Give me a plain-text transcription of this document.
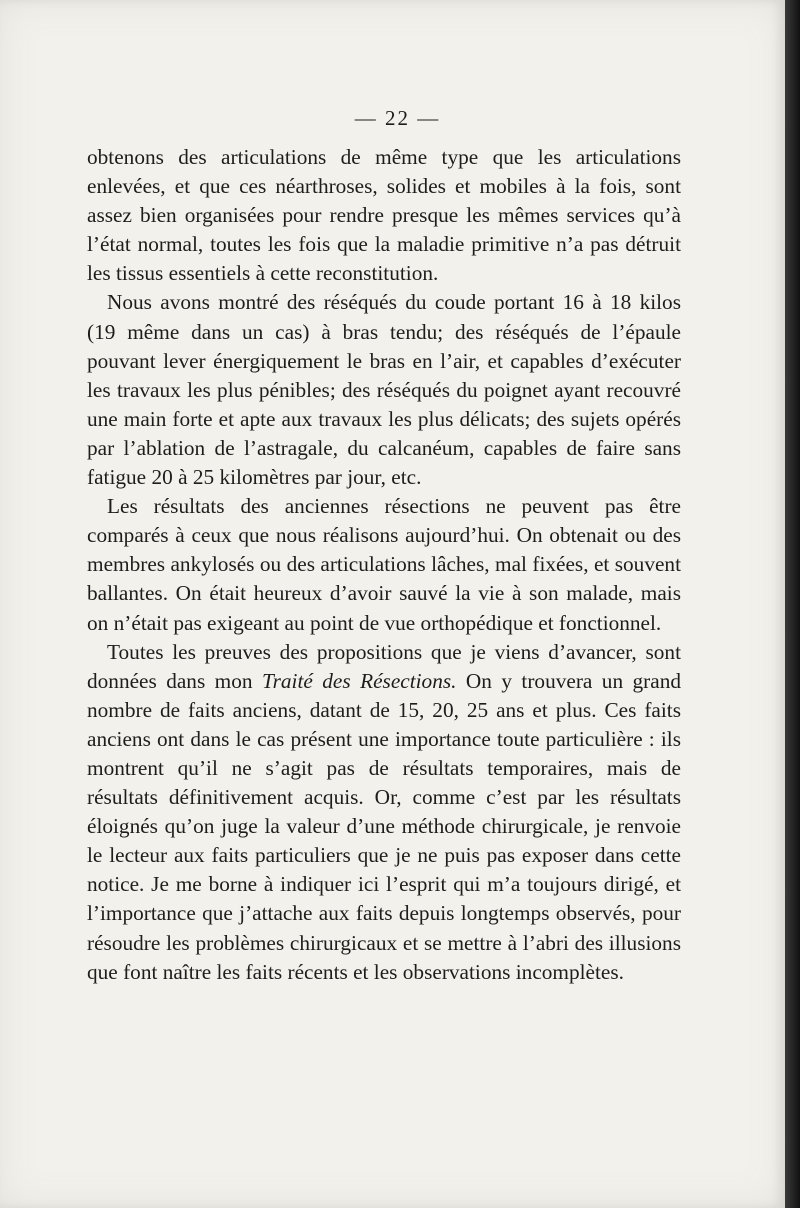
— 22 —

obtenons des articulations de même type que les articulations enlevées, et que ces néarthroses, solides et mobiles à la fois, sont assez bien organisées pour rendre presque les mêmes services qu’à l’état normal, toutes les fois que la maladie primitive n’a pas détruit les tissus essentiels à cette reconstitution.

Nous avons montré des réséqués du coude portant 16 à 18 kilos (19 même dans un cas) à bras tendu; des réséqués de l’épaule pouvant lever énergiquement le bras en l’air, et capables d’exécuter les travaux les plus pénibles; des réséqués du poignet ayant recouvré une main forte et apte aux travaux les plus délicats; des sujets opérés par l’ablation de l’astragale, du calcanéum, capables de faire sans fatigue 20 à 25 kilomètres par jour, etc.

Les résultats des anciennes résections ne peuvent pas être comparés à ceux que nous réalisons aujourd’hui. On obtenait ou des membres ankylosés ou des articulations lâches, mal fixées, et souvent ballantes. On était heureux d’avoir sauvé la vie à son malade, mais on n’était pas exigeant au point de vue orthopédique et fonctionnel.

Toutes les preuves des propositions que je viens d’avancer, sont données dans mon Traité des Résections. On y trouvera un grand nombre de faits anciens, datant de 15, 20, 25 ans et plus. Ces faits anciens ont dans le cas présent une importance toute particulière : ils montrent qu’il ne s’agit pas de résultats temporaires, mais de résultats définitivement acquis. Or, comme c’est par les résultats éloignés qu’on juge la valeur d’une méthode chirurgicale, je renvoie le lecteur aux faits particuliers que je ne puis pas exposer dans cette notice. Je me borne à indiquer ici l’esprit qui m’a toujours dirigé, et l’importance que j’attache aux faits depuis longtemps observés, pour résoudre les problèmes chirurgicaux et se mettre à l’abri des illusions que font naître les faits récents et les observations incomplètes.
